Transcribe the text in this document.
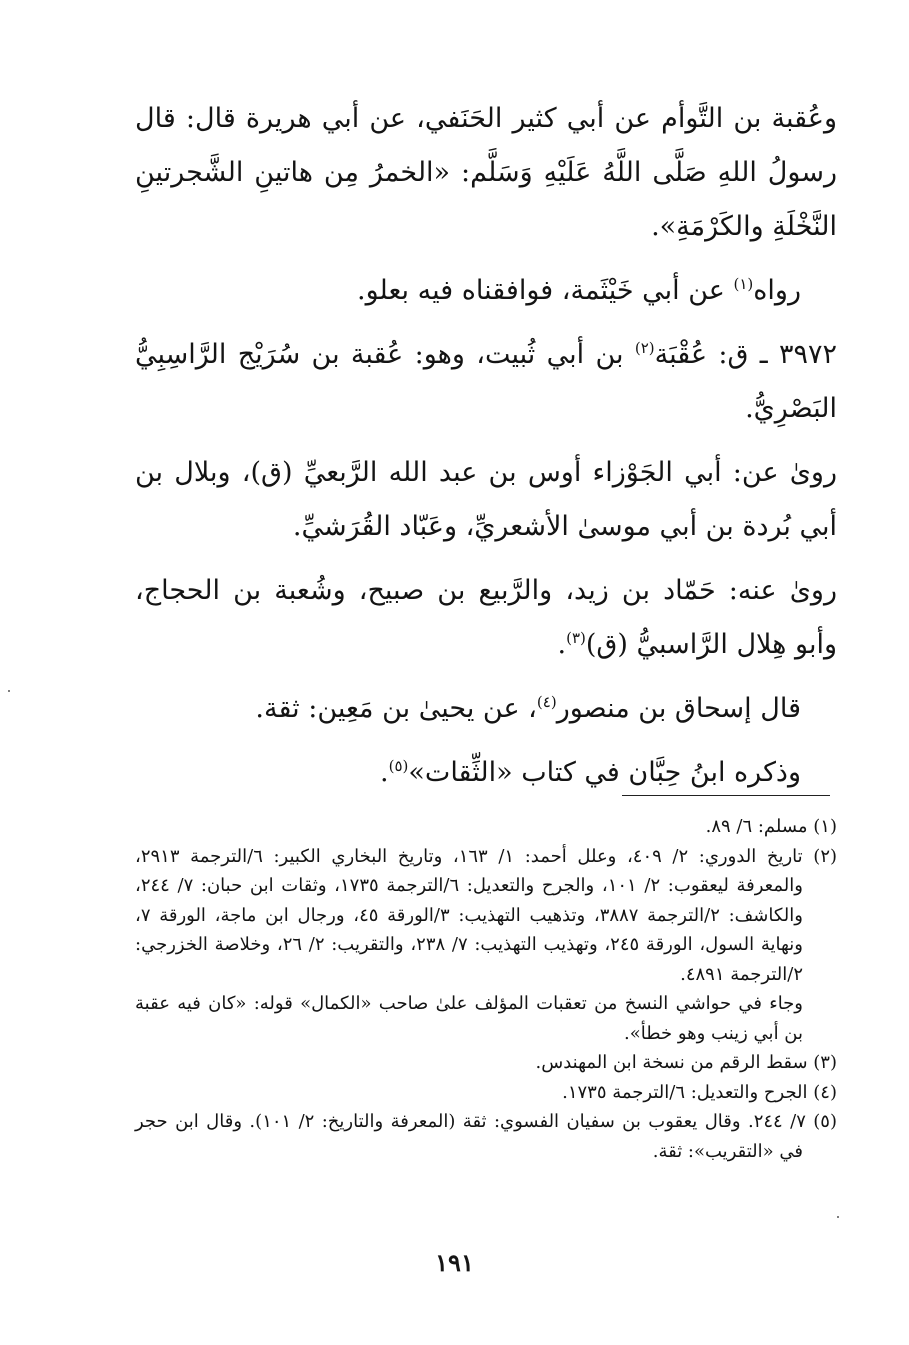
وعُقبة بن التَّوأم عن أبي كثير الحَنَفي، عن أبي هريرة قال: قال رسولُ اللهِ صَلَّى اللَّهُ عَلَيْهِ وَسَلَّم: «الخمرُ مِن هاتينِ الشَّجرتينِ النَّخْلَةِ والكَرْمَةِ».

رواه$^{(١)}$ عن أبي خَيْثَمة، فوافقناه فيه بعلو.

٣٩٧٢ ـ ق: عُقْبَة$^{(٢)}$ بن أبي ثُبيت، وهو: عُقبة بن سُرَيْج الرَّاسِبِيُّ البَصْرِيُّ.

روىٰ عن: أبي الجَوْزاء أوس بن عبد الله الرَّبعيِّ (ق)، وبلال بن أبي بُردة بن أبي موسىٰ الأشعريِّ، وعَبّاد القُرَشيِّ.

روىٰ عنه: حَمّاد بن زيد، والرَّبيع بن صبيح، وشُعبة بن الحجاج، وأبو هِلال الرَّاسبيُّ (ق)$^{(٣)}$.

قال إسحاق بن منصور$^{(٤)}$، عن يحيىٰ بن مَعِين: ثقة.

وذكره ابنُ حِبَّان في كتاب «الثِّقات»$^{(٥)}$.

(١) مسلم: ٦/ ٨٩.

(٢) تاريخ الدوري: ٢/ ٤٠٩، وعلل أحمد: ١/ ١٦٣، وتاريخ البخاري الكبير: ٦/الترجمة ٢٩١٣، والمعرفة ليعقوب: ٢/ ١٠١، والجرح والتعديل: ٦/الترجمة ١٧٣٥، وثقات ابن حبان: ٧/ ٢٤٤، والكاشف: ٢/الترجمة ٣٨٨٧، وتذهيب التهذيب: ٣/الورقة ٤٥، ورجال ابن ماجة، الورقة ٧، ونهاية السول، الورقة ٢٤٥، وتهذيب التهذيب: ٧/ ٢٣٨، والتقريب: ٢/ ٢٦، وخلاصة الخزرجي: ٢/الترجمة ٤٨٩١.

وجاء في حواشي النسخ من تعقبات المؤلف علىٰ صاحب «الكمال» قوله: «كان فيه عقبة بن أبي زينب وهو خطأ».

(٣) سقط الرقم من نسخة ابن المهندس.

(٤) الجرح والتعديل: ٦/الترجمة ١٧٣٥.

(٥) ٧/ ٢٤٤. وقال يعقوب بن سفيان الفسوي: ثقة (المعرفة والتاريخ: ٢/ ١٠١). وقال ابن حجر في «التقريب»: ثقة.

١٩١
